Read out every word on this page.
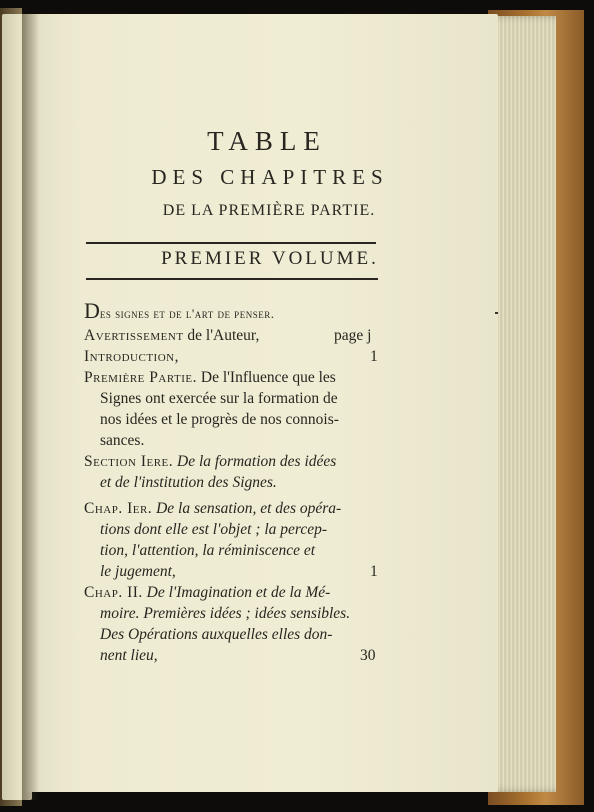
TABLE
DES CHAPITRES
DE LA PREMIÈRE PARTIE.
PREMIER VOLUME.
Des signes et de l'art de penser.
Avertissement de l'Auteur,	page j
Introduction,	1
Première Partie. De l'Influence que les
Signes ont exercée sur la formation de
nos idées et le progrès de nos connois-
sances.
Section Iere. De la formation des idées
et de l'institution des Signes.
Chap. Ier. De la sensation, et des opéra-
tions dont elle est l'objet ; la percep-
tion, l'attention, la réminiscence et
le jugement,	1
Chap. II. De l'Imagination et de la Mé-
moire. Premières idées ; idées sensibles.
Des Opérations auxquelles elles don-
nent lieu,	30
